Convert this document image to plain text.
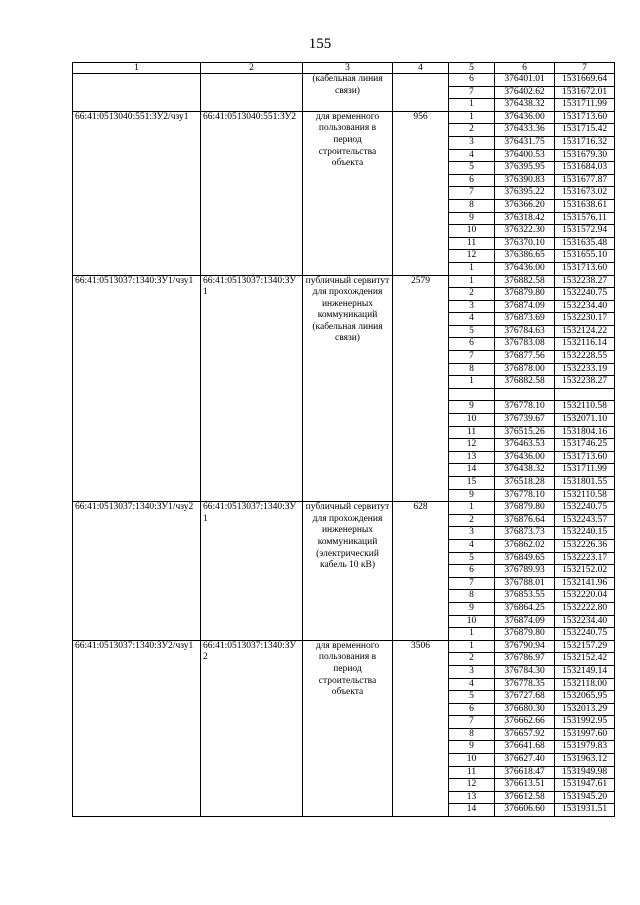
155
1	2	3	4	5	6	7
		(кабельная линия связи)		6	376401.01	1531669.64
				7	376402.62	1531672.01
				1	376438.32	1531711.99
66:41:0513040:551:ЗУ2/чзу1	66:41:0513040:551:ЗУ2	для временного пользования в период строительства объекта	956	1	376436.00	1531713.60
				2	376433.36	1531715.42
				3	376431.75	1531716.32
				4	376400.53	1531679.30
				5	376395.95	1531684.03
				6	376390.83	1531677.87
				7	376395.22	1531673.02
				8	376366.20	1531638.61
				9	376318.42	1531576.11
				10	376322.30	1531572.94
				11	376370.10	1531635.48
				12	376386.65	1531655.10
				1	376436.00	1531713.60
66:41:0513037:1340:ЗУ1/чзу1	66:41:0513037:1340:ЗУ1	публичный сервитут для прохождения инженерных коммуникаций (кабельная линия связи)	2579	1	376882.58	1532238.27
				2	376879.80	1532240.75
				3	376874.09	1532234.40
				4	376873.69	1532230.17
				5	376784.63	1532124.22
				6	376783.08	1532116.14
				7	376877.56	1532228.55
				8	376878.00	1532233.19
				1	376882.58	1532238.27

				9	376778.10	1532110.58
				10	376739.67	1532071.10
				11	376515.26	1531804.16
				12	376463.53	1531746.25
				13	376436.00	1531713.60
				14	376438.32	1531711.99
				15	376518.28	1531801.55
				9	376778.10	1532110.58
66:41:0513037:1340:ЗУ1/чзу2	66:41:0513037:1340:ЗУ1	публичный сервитут для прохождения инженерных коммуникаций (электрический кабель 10 кВ)	628	1	376879.80	1532240.75
				2	376876.64	1532243.57
				3	376873.73	1532240.15
				4	376862.02	1532226.36
				5	376849.65	1532223.17
				6	376789.93	1532152.02
				7	376788.01	1532141.96
				8	376853.55	1532220.04
				9	376864.25	1532222.80
				10	376874.09	1532234.40
				1	376879.80	1532240.75
66:41:0513037:1340:ЗУ2/чзу1	66:41:0513037:1340:ЗУ2	для временного пользования в период строительства объекта	3506	1	376790.94	1532157.29
				2	376786.97	1532152.42
				3	376784.30	1532149.14
				4	376778.35	1532118.00
				5	376727.68	1532065.95
				6	376680.30	1532013.29
				7	376662.66	1531992.95
				8	376657.92	1531997.60
				9	376641.68	1531979.83
				10	376627.40	1531963.12
				11	376618.47	1531949.98
				12	376613.51	1531947.61
				13	376612.58	1531945.20
				14	376606.60	1531931.51
